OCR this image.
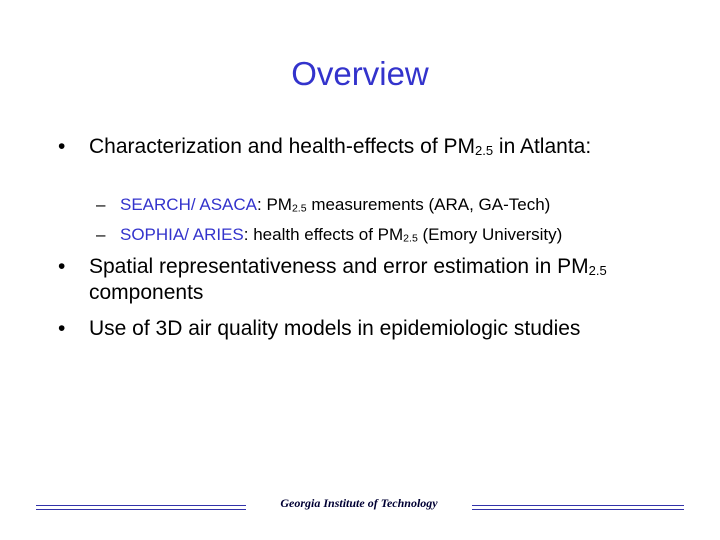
Overview
•	Characterization and health-effects of $PM_{2.5}$ in Atlanta:
– SEARCH/ ASACA: $PM_{2.5}$ measurements (ARA, GA-Tech)
– SOPHIA/ ARIES: health effects of $PM_{2.5}$ (Emory University)
•	Spatial representativeness and error estimation in $PM_{2.5}$ components
•	Use of 3D air quality models in epidemiologic studies
Georgia Institute of Technology
